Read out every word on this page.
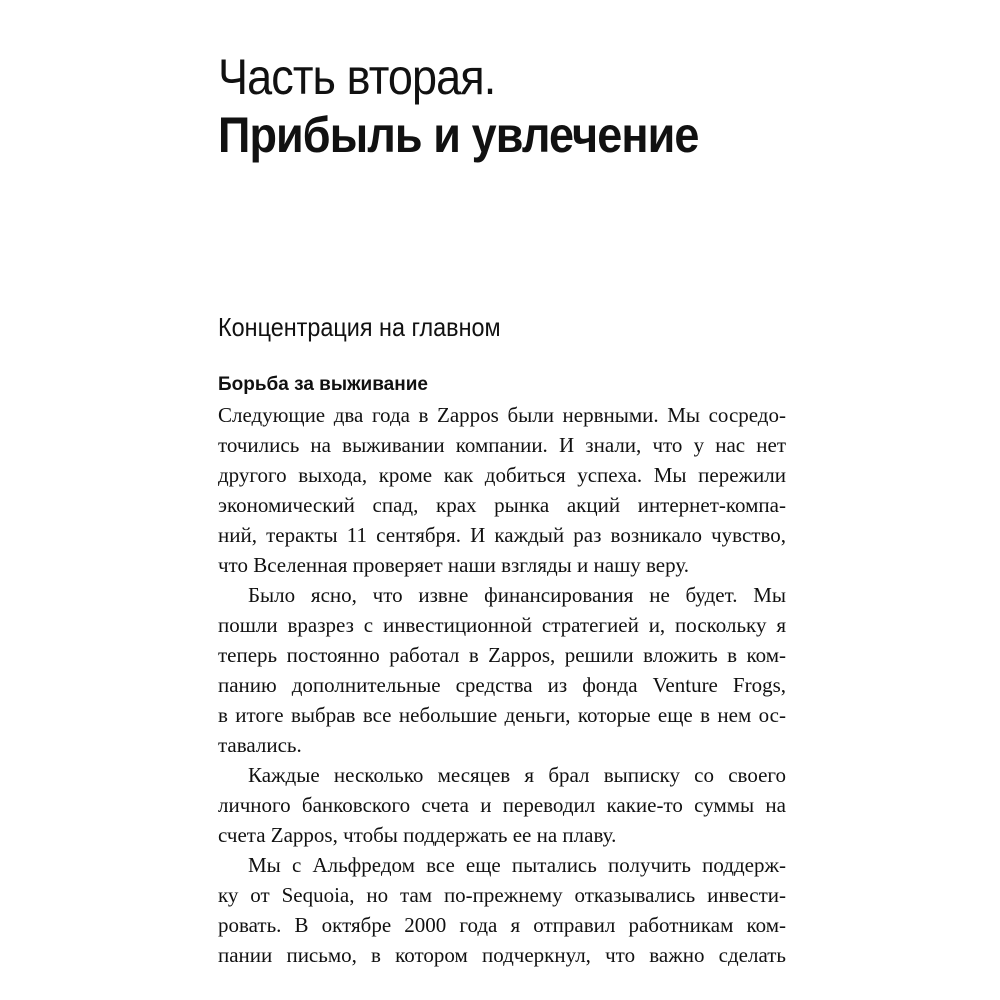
Часть вторая.
Прибыль и увлечение
Концентрация на главном
Борьба за выживание

Следующие два года в Zappos были нервными. Мы сосредо-
точились на выживании компании. И знали, что у нас нет
другого выхода, кроме как добиться успеха. Мы пережили
экономический спад, крах рынка акций интернет-компа-
ний, теракты 11 сентября. И каждый раз возникало чувство,
что Вселенная проверяет наши взгляды и нашу веру.

Было ясно, что извне финансирования не будет. Мы
пошли вразрез с инвестиционной стратегией и, поскольку я
теперь постоянно работал в Zappos, решили вложить в ком-
панию дополнительные средства из фонда Venture Frogs,
в итоге выбрав все небольшие деньги, которые еще в нем ос-
тавались.

Каждые несколько месяцев я брал выписку со своего
личного банковского счета и переводил какие-то суммы на
счета Zappos, чтобы поддержать ее на плаву.

Мы с Альфредом все еще пытались получить поддерж-
ку от Sequoia, но там по-прежнему отказывались инвести-
ровать. В октябре 2000 года я отправил работникам ком-
пании письмо, в котором подчеркнул, что важно сделать
